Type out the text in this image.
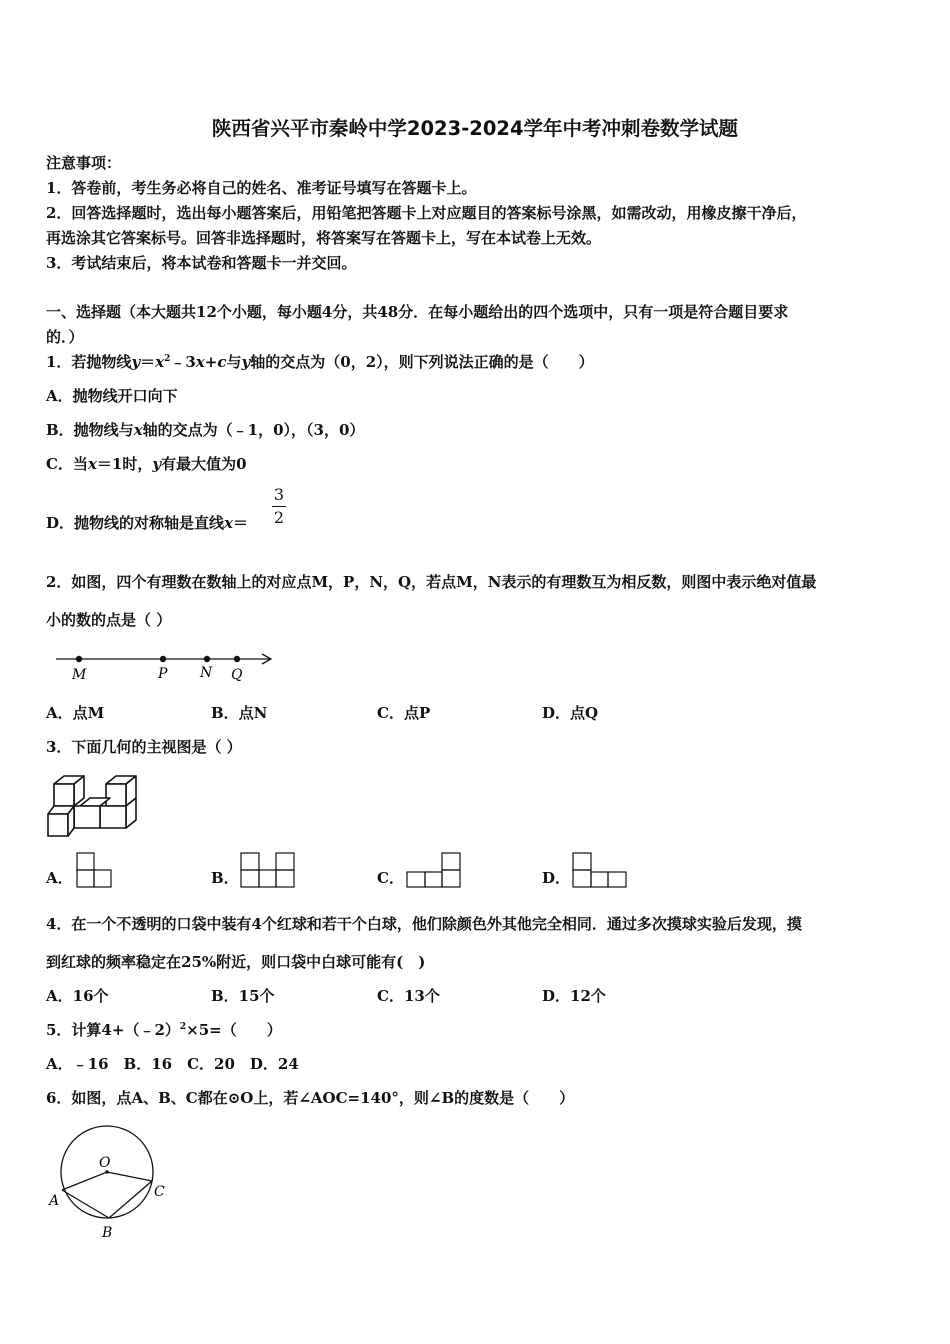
陕西省兴平市秦岭中学2023-2024学年中考冲刺卷数学试题
注意事项：
1．答卷前，考生务必将自己的姓名、准考证号填写在答题卡上。
2．回答选择题时，选出每小题答案后，用铅笔把答题卡上对应题目的答案标号涂黑，如需改动，用橡皮擦干净后，
再选涂其它答案标号。回答非选择题时，将答案写在答题卡上，写在本试卷上无效。
3．考试结束后，将本试卷和答题卡一并交回。
一、选择题（本大题共12个小题，每小题4分，共48分．在每小题给出的四个选项中，只有一项是符合题目要求
的．）
1．若抛物线$y=x^2﹣3x+c$与y轴的交点为（0，2），则下列说法正确的是（　　）
A．抛物线开口向下
B．抛物线与x轴的交点为（﹣1，0），（3，0）
C．当x＝1时，y有最大值为0
D．抛物线的对称轴是直线x＝
3
2
2．如图，四个有理数在数轴上的对应点M，P，N，Q，若点M，N表示的有理数互为相反数，则图中表示绝对值最
小的数的点是（ ）
M	P N Q
A．点M	B．点N	C．点P	D．点Q
3．下面几何的主视图是（ ）
A．	B．	C．	D．
4．在一个不透明的口袋中装有4个红球和若干个白球，他们除颜色外其他完全相同．通过多次摸球实验后发现，摸
到红球的频率稳定在25%附近，则口袋中白球可能有(　)
A．16个	B．15个	C．13个	D．12个
5．计算4+（﹣2）$^2$×5=（　　）
A．﹣16　B．16　C．20　D．24
6．如图，点A、B、C都在⊙O上，若∠AOC=140°，则∠B的度数是（　　）
O
A
B
C
